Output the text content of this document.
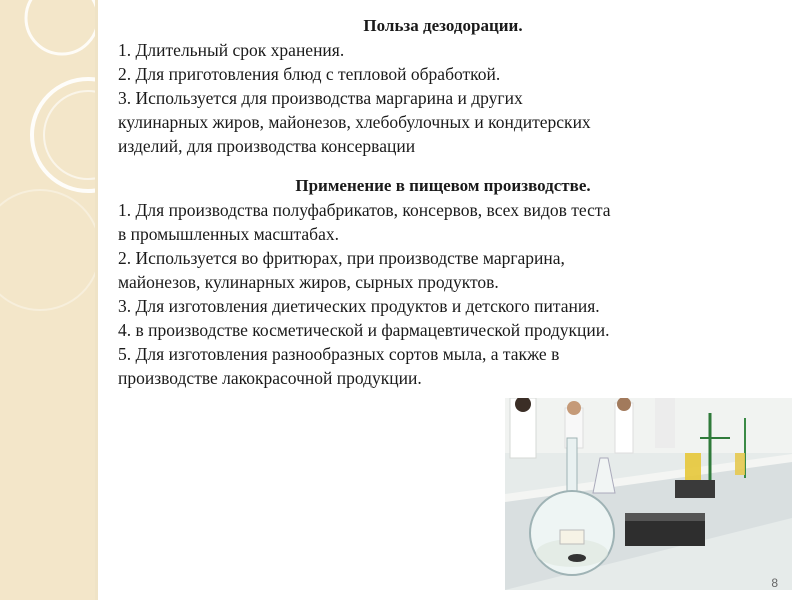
Польза дезодорации.

1. Длительный срок хранения.

2. Для приготовления блюд с тепловой обработкой.

3. Используется для производства маргарина и других

кулинарных жиров, майонезов, хлебобулочных и кондитерских

изделий, для производства консервации

Применение в пищевом производстве.

1. Для производства полуфабрикатов, консервов, всех видов теста

в промышленных масштабах.

2. Используется во фритюрах, при производстве маргарина,

майонезов, кулинарных жиров, сырных продуктов.

3. Для изготовления диетических продуктов и детского питания.

4. в производстве косметической и фармацевтической продукции.

5. Для изготовления разнообразных сортов мыла, а также в

производстве лакокрасочной продукции.

8
